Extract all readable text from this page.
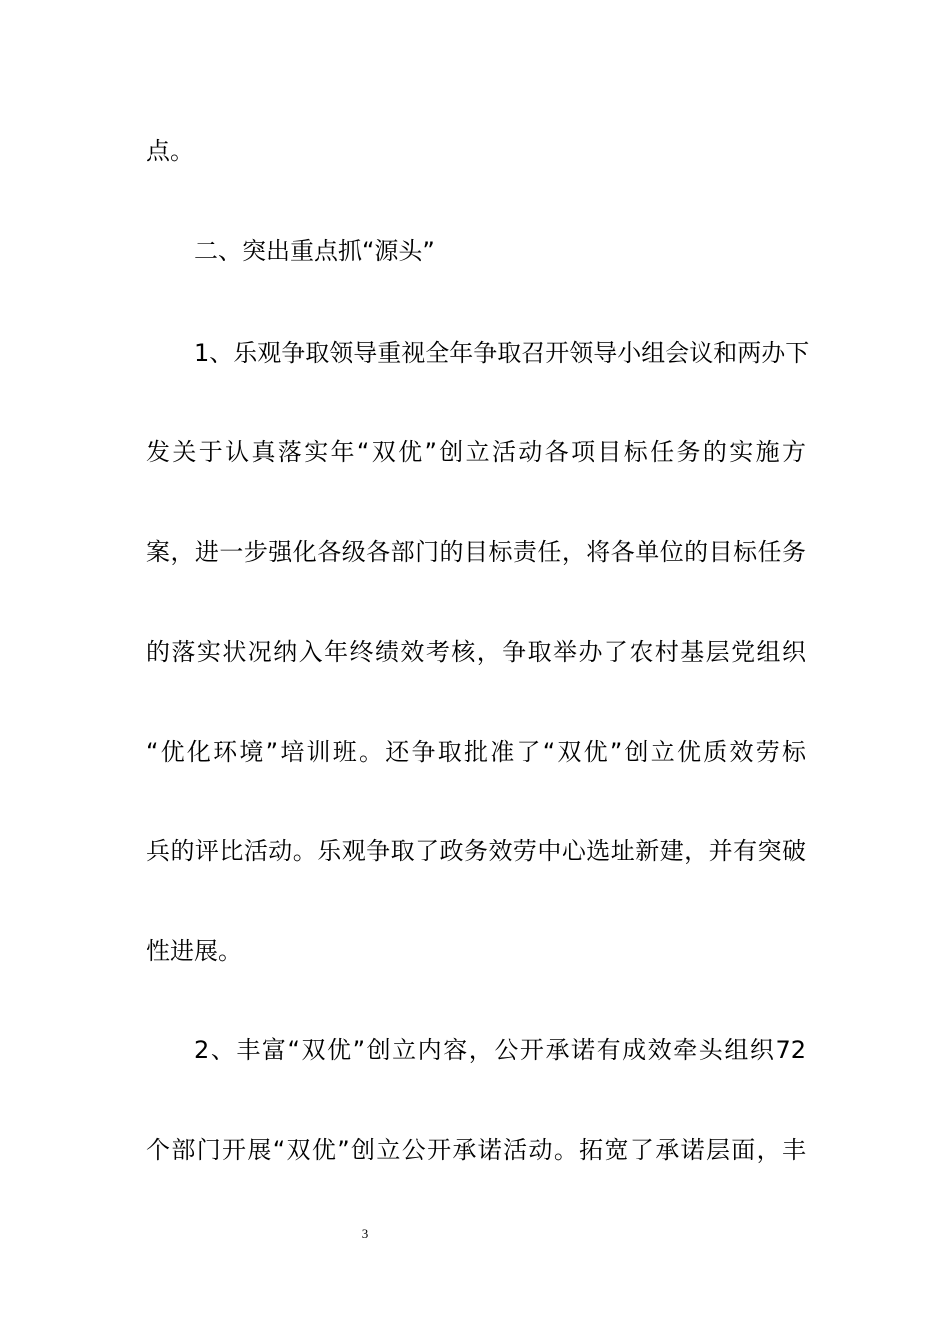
点。
二、突出重点抓“源头”
1、乐观争取领导重视全年争取召开领导小组会议和两办下
发关于认真落实年“双优”创立活动各项目标任务的实施方
案，进一步强化各级各部门的目标责任，将各单位的目标任务
的落实状况纳入年终绩效考核，争取举办了农村基层党组织
“优化环境”培训班。还争取批准了“双优”创立优质效劳标
兵的评比活动。乐观争取了政务效劳中心选址新建，并有突破
性进展。
2、丰富“双优”创立内容，公开承诺有成效牵头组织72
个部门开展“双优”创立公开承诺活动。拓宽了承诺层面，丰
3
